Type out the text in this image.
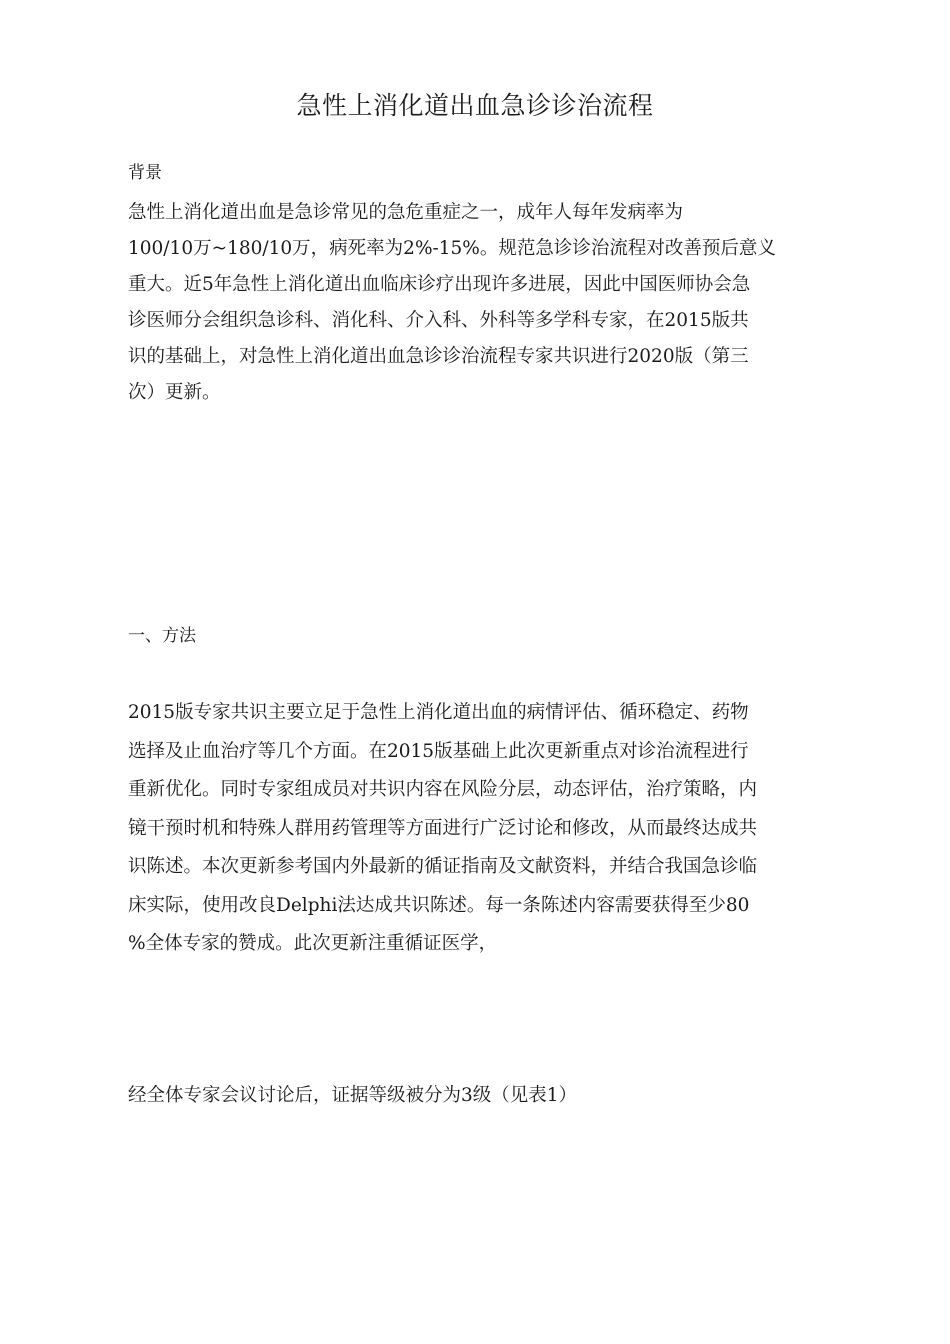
急性上消化道出血急诊诊治流程
背景
急性上消化道出血是急诊常见的急危重症之一，成年人每年发病率为
100/10万~180/10万，病死率为2%-15%。规范急诊诊治流程对改善预后意义
重大。近5年急性上消化道出血临床诊疗出现许多进展，因此中国医师协会急
诊医师分会组织急诊科、消化科、介入科、外科等多学科专家，在2015版共
识的基础上，对急性上消化道出血急诊诊治流程专家共识进行2020版（第三
次）更新。
一、方法
2015版专家共识主要立足于急性上消化道出血的病情评估、循环稳定、药物
选择及止血治疗等几个方面。在2015版基础上此次更新重点对诊治流程进行
重新优化。同时专家组成员对共识内容在风险分层，动态评估，治疗策略，内
镜干预时机和特殊人群用药管理等方面进行广泛讨论和修改，从而最终达成共
识陈述。本次更新参考国内外最新的循证指南及文献资料，并结合我国急诊临
床实际，使用改良Delphi法达成共识陈述。每一条陈述内容需要获得至少80
%全体专家的赞成。此次更新注重循证医学，
经全体专家会议讨论后，证据等级被分为3级（见表1）
